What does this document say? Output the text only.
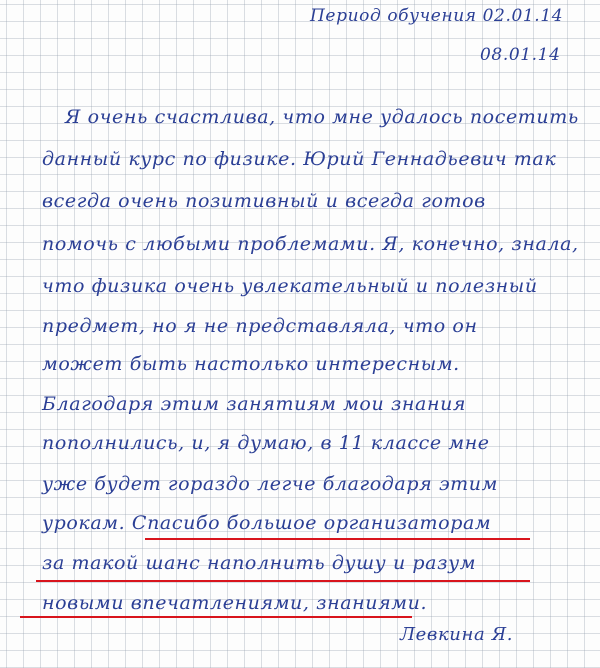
Период обучения 02.01.14
08.01.14
Я очень счастлива, что мне удалось посетить
данный курс по физике. Юрий Геннадьевич так
всегда очень позитивный и всегда готов
помочь с любыми проблемами. Я, конечно, знала,
что физика очень увлекательный и полезный
предмет, но я не представляла, что он
может быть настолько интересным.
Благодаря этим занятиям мои знания
пополнились, и, я думаю, в 11 классе мне
уже будет гораздо легче благодаря этим
урокам. Спасибо большое организаторам
за такой шанс наполнить душу и разум
новыми впечатлениями, знаниями.
Левкина Я.
